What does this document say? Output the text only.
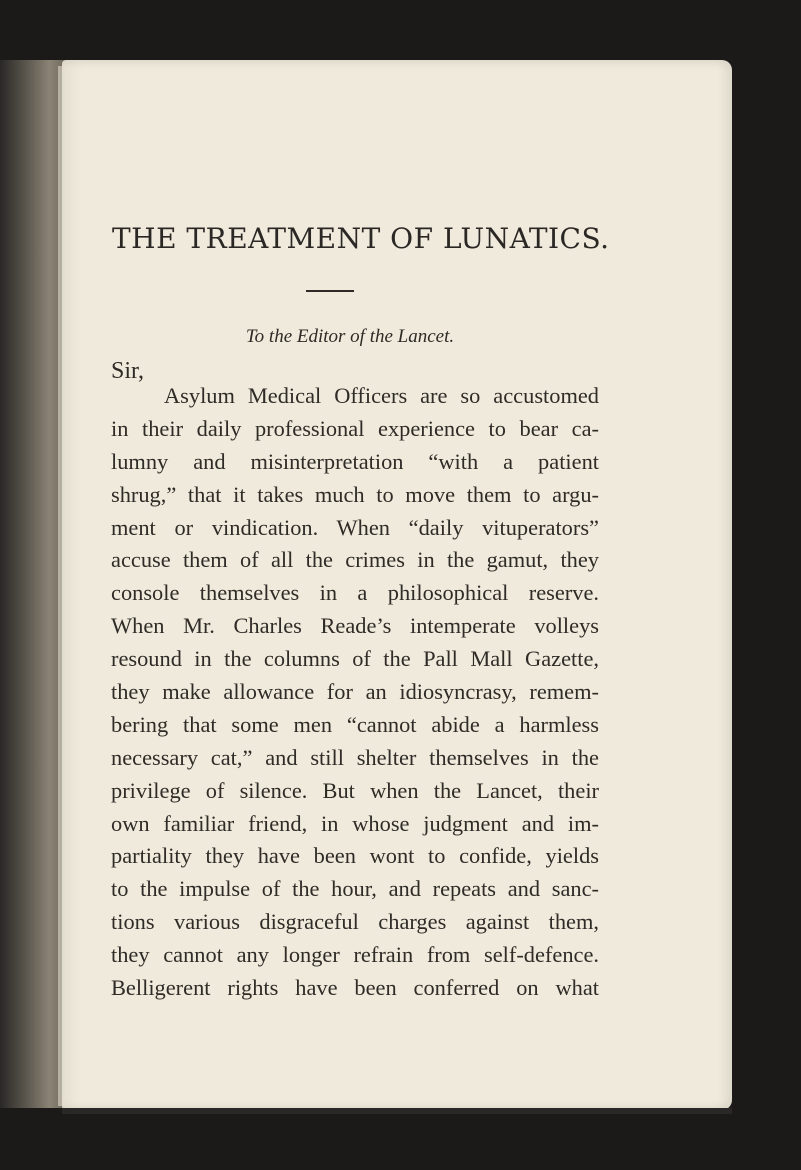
THE TREATMENT OF LUNATICS.
To the Editor of the Lancet.
Sir,
Asylum Medical Officers are so accustomed
in their daily professional experience to bear ca-
lumny and misinterpretation “with a patient
shrug,” that it takes much to move them to argu-
ment or vindication. When “daily vituperators”
accuse them of all the crimes in the gamut, they
console themselves in a philosophical reserve.
When Mr. Charles Reade’s intemperate volleys
resound in the columns of the Pall Mall Gazette,
they make allowance for an idiosyncrasy, remem-
bering that some men “cannot abide a harmless
necessary cat,” and still shelter themselves in the
privilege of silence. But when the Lancet, their
own familiar friend, in whose judgment and im-
partiality they have been wont to confide, yields
to the impulse of the hour, and repeats and sanc-
tions various disgraceful charges against them,
they cannot any longer refrain from self-defence.
Belligerent rights have been conferred on what
